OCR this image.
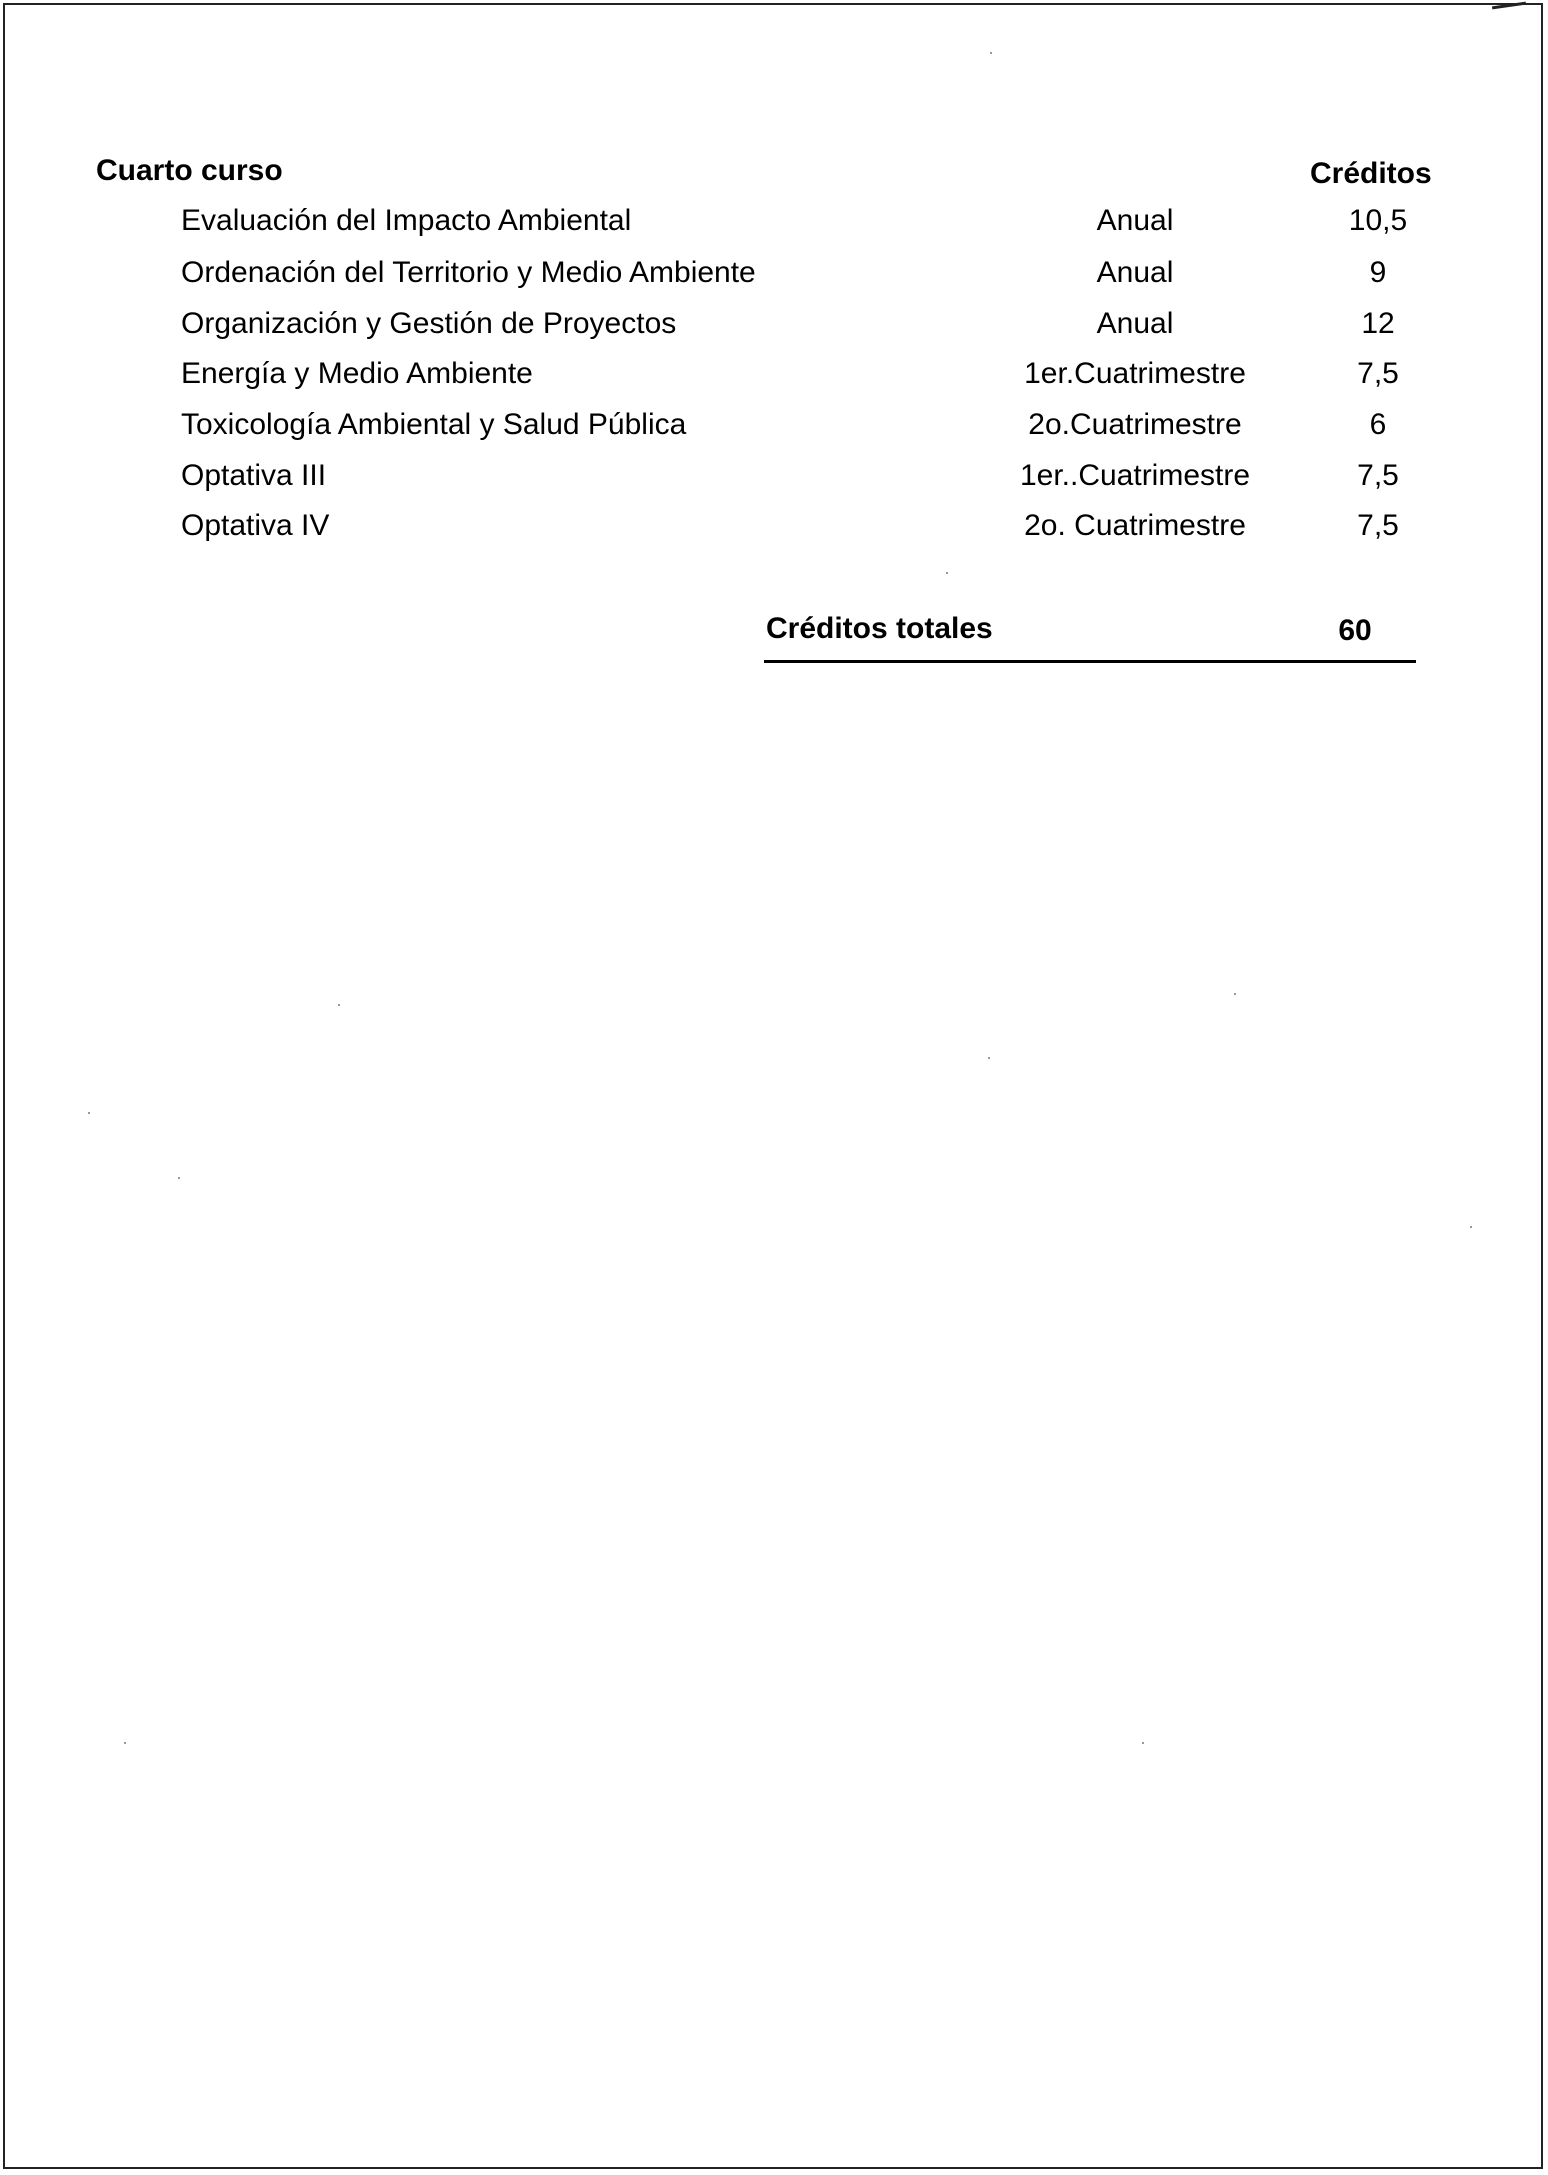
Cuarto curso	Créditos
Evaluación del Impacto Ambiental	Anual	10,5
Ordenación del Territorio y Medio Ambiente	Anual	9
Organización y Gestión de Proyectos	Anual	12
Energía y Medio Ambiente	1er.Cuatrimestre	7,5
Toxicología Ambiental y Salud Pública	2o.Cuatrimestre	6
Optativa III	1er..Cuatrimestre	7,5
Optativa IV	2o. Cuatrimestre	7,5
Créditos totales	60
